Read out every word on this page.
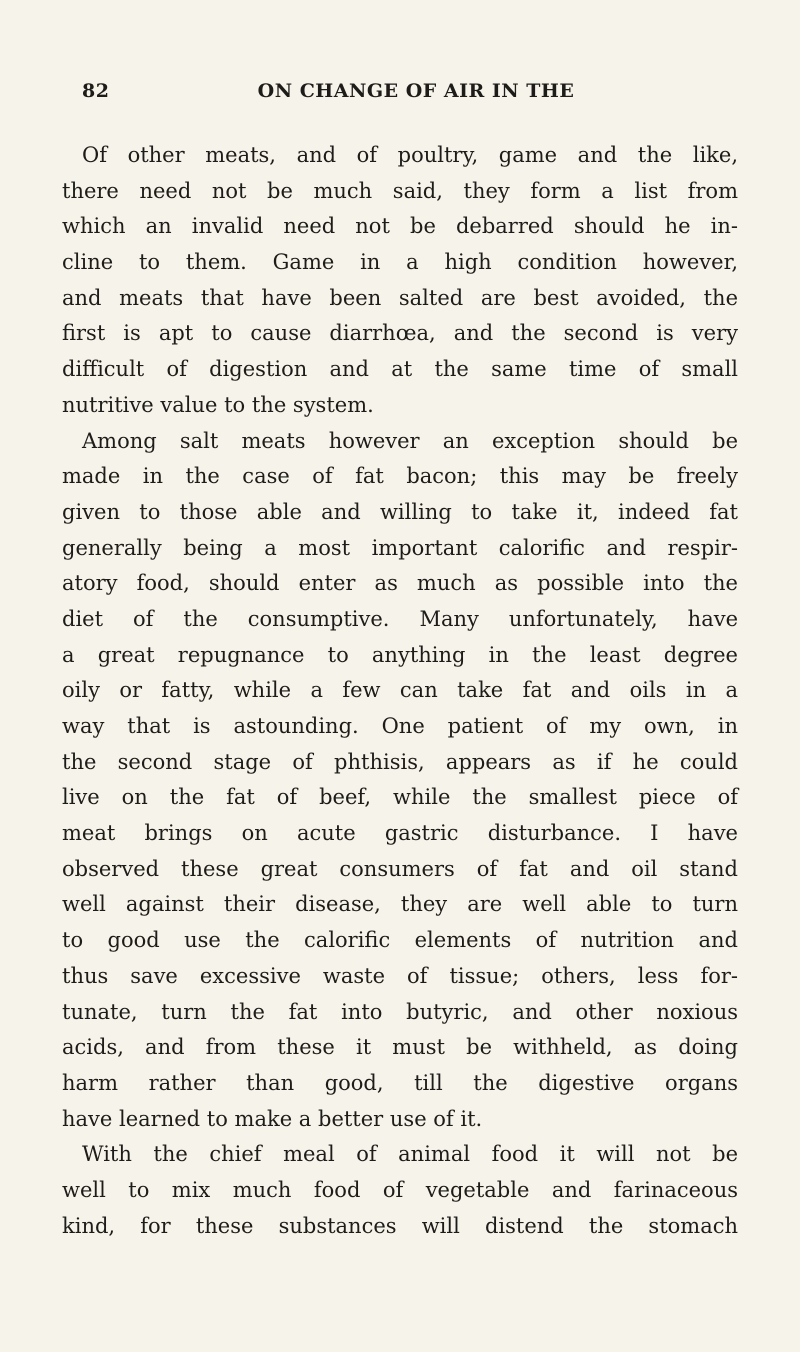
82	ON CHANGE OF AIR IN THE
Of other meats, and of poultry, game and the like,
there need not be much said, they form a list from
which an invalid need not be debarred should he in-
cline to them. Game in a high condition however,
and meats that have been salted are best avoided, the
first is apt to cause diarrhœa, and the second is very
difficult of digestion and at the same time of small
nutritive value to the system.
Among salt meats however an exception should be
made in the case of fat bacon; this may be freely
given to those able and willing to take it, indeed fat
generally being a most important calorific and respir-
atory food, should enter as much as possible into the
diet of the consumptive. Many unfortunately, have
a great repugnance to anything in the least degree
oily or fatty, while a few can take fat and oils in a
way that is astounding. One patient of my own, in
the second stage of phthisis, appears as if he could
live on the fat of beef, while the smallest piece of
meat brings on acute gastric disturbance. I have
observed these great consumers of fat and oil stand
well against their disease, they are well able to turn
to good use the calorific elements of nutrition and
thus save excessive waste of tissue; others, less for-
tunate, turn the fat into butyric, and other noxious
acids, and from these it must be withheld, as doing
harm rather than good, till the digestive organs
have learned to make a better use of it.
With the chief meal of animal food it will not be
well to mix much food of vegetable and farinaceous
kind, for these substances will distend the stomach
